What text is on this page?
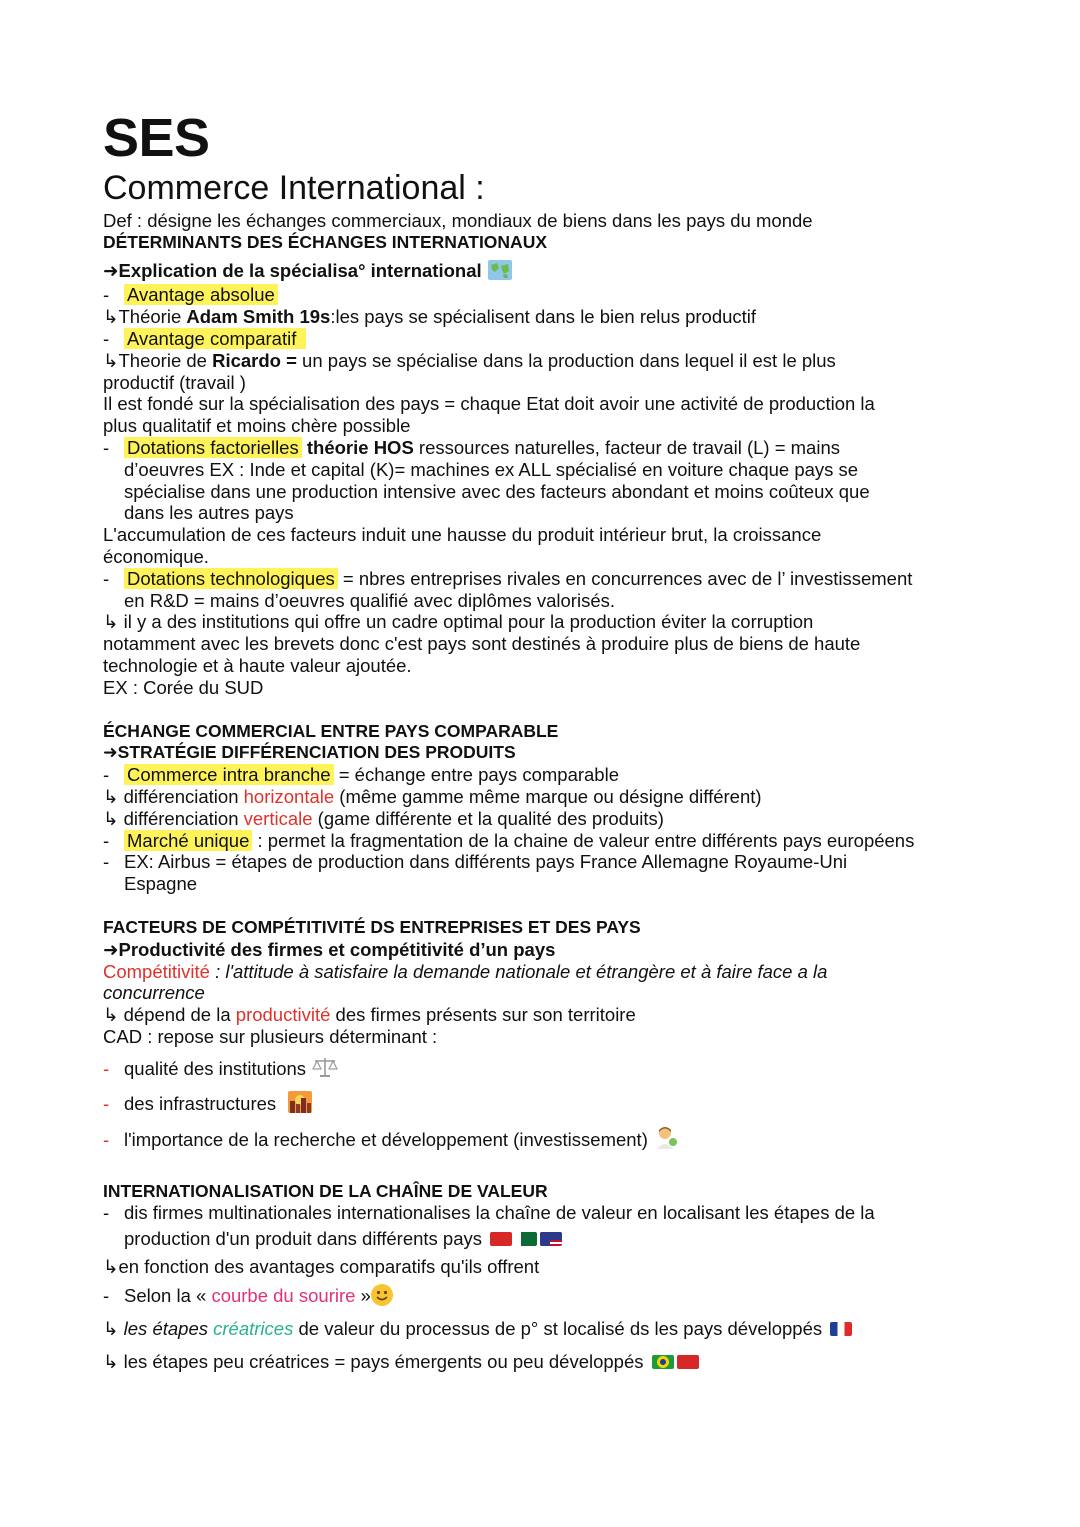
SES
Commerce International :

Def : désigne les échanges commerciaux, mondiaux de biens dans les pays du monde

DÉTERMINANTS DES ÉCHANGES INTERNATIONAUX

➜Explication de la spécialisa° international

- Avantage absolue

↳Théorie Adam Smith 19s:les pays se spécialisent dans le bien relus productif

- Avantage comparatif

↳Theorie de Ricardo = un pays se spécialise dans la production dans lequel il est le plus

productif (travail )

Il est fondé sur la spécialisation des pays = chaque Etat doit avoir une activité de production la

plus qualitatif et moins chère possible

- Dotations factorielles théorie HOS ressources naturelles, facteur de travail (L) = mains

d’oeuvres EX : Inde et capital (K)= machines ex ALL spécialisé en voiture chaque pays se

spécialise dans une production intensive avec des facteurs abondant et moins coûteux que

dans les autres pays

L'accumulation de ces facteurs induit une hausse du produit intérieur brut, la croissance

économique.

- Dotations technologiques = nbres entreprises rivales en concurrences avec de l’ investissement

en R&D = mains d’oeuvres qualifié avec diplômes valorisés.

↳ il y a des institutions qui offre un cadre optimal pour la production éviter la corruption

notamment avec les brevets donc c'est pays sont destinés à produire plus de biens de haute

technologie et à haute valeur ajoutée.

EX : Corée du SUD

ÉCHANGE COMMERCIAL ENTRE PAYS COMPARABLE

➜STRATÉGIE DIFFÉRENCIATION DES PRODUITS

- Commerce intra branche = échange entre pays comparable

↳ différenciation horizontale (même gamme même marque ou désigne différent)

↳ différenciation verticale (game différente et la qualité des produits)

- Marché unique : permet la fragmentation de la chaine de valeur entre différents pays européens

- EX: Airbus = étapes de production dans différents pays France Allemagne Royaume-Uni

Espagne

FACTEURS DE COMPÉTITIVITÉ DS ENTREPRISES ET DES PAYS

➜Productivité des firmes et compétitivité d’un pays

Compétitivité : l'attitude à satisfaire la demande nationale et étrangère et à faire face a la

concurrence

↳ dépend de la productivité des firmes présents sur son territoire

CAD : repose sur plusieurs déterminant :

- qualité des institutions

- des infrastructures

- l'importance de la recherche et développement (investissement)

INTERNATIONALISATION DE LA CHAÎNE DE VALEUR

- dis firmes multinationales internationalises la chaîne de valeur en localisant les étapes de la

production d'un produit dans différents pays

↳en fonction des avantages comparatifs qu'ils offrent

- Selon la « courbe du sourire »

↳ les étapes créatrices de valeur du processus de p° st localisé ds les pays développés

↳ les étapes peu créatrices = pays émergents ou peu développés
